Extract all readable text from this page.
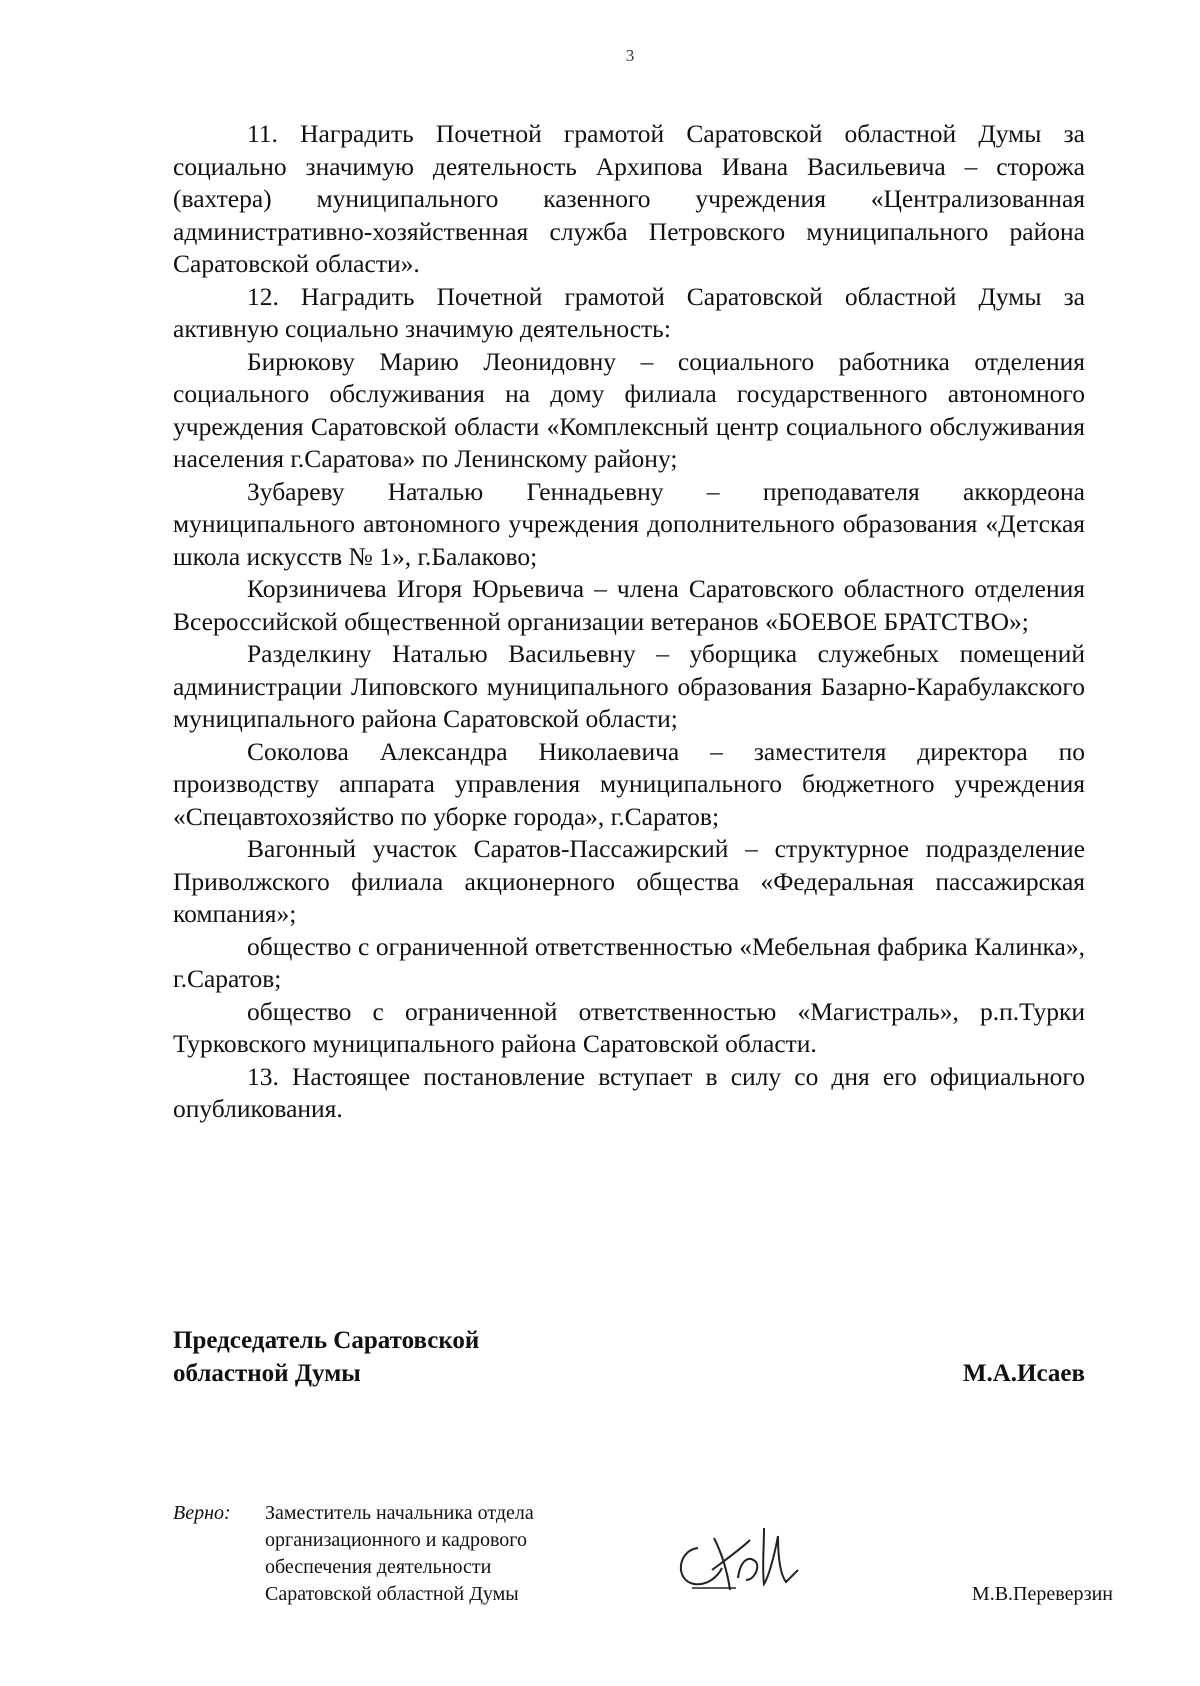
3

11. Наградить Почетной грамотой Саратовской областной Думы за социально значимую деятельность Архипова Ивана Васильевича – сторожа (вахтера) муниципального казенного учреждения «Централизованная административно-хозяйственная служба Петровского муниципального района Саратовской области».

12. Наградить Почетной грамотой Саратовской областной Думы за активную социально значимую деятельность:

Бирюкову Марию Леонидовну – социального работника отделения социального обслуживания на дому филиала государственного автономного учреждения Саратовской области «Комплексный центр социального обслуживания населения г.Саратова» по Ленинскому району;

Зубареву Наталью Геннадьевну – преподавателя аккордеона муниципального автономного учреждения дополнительного образования «Детская школа искусств № 1», г.Балаково;

Корзиничева Игоря Юрьевича – члена Саратовского областного отделения Всероссийской общественной организации ветеранов «БОЕВОЕ БРАТСТВО»;

Разделкину Наталью Васильевну – уборщика служебных помещений администрации Липовского муниципального образования Базарно-Карабулакского муниципального района Саратовской области;

Соколова Александра Николаевича – заместителя директора по производству аппарата управления муниципального бюджетного учреждения «Спецавтохозяйство по уборке города», г.Саратов;

Вагонный участок Саратов-Пассажирский – структурное подразделение Приволжского филиала акционерного общества «Федеральная пассажирская компания»;

общество с ограниченной ответственностью «Мебельная фабрика Калинка», г.Саратов;

общество с ограниченной ответственностью «Магистраль», р.п.Турки Турковского муниципального района Саратовской области.

13. Настоящее постановление вступает в силу со дня его официального опубликования.

Председатель Саратовской
областной Думы	М.А.Исаев
Верно: Заместитель начальника отдела
организационного и кадрового
обеспечения деятельности
Саратовской областной Думы	М.В.Переверзин
